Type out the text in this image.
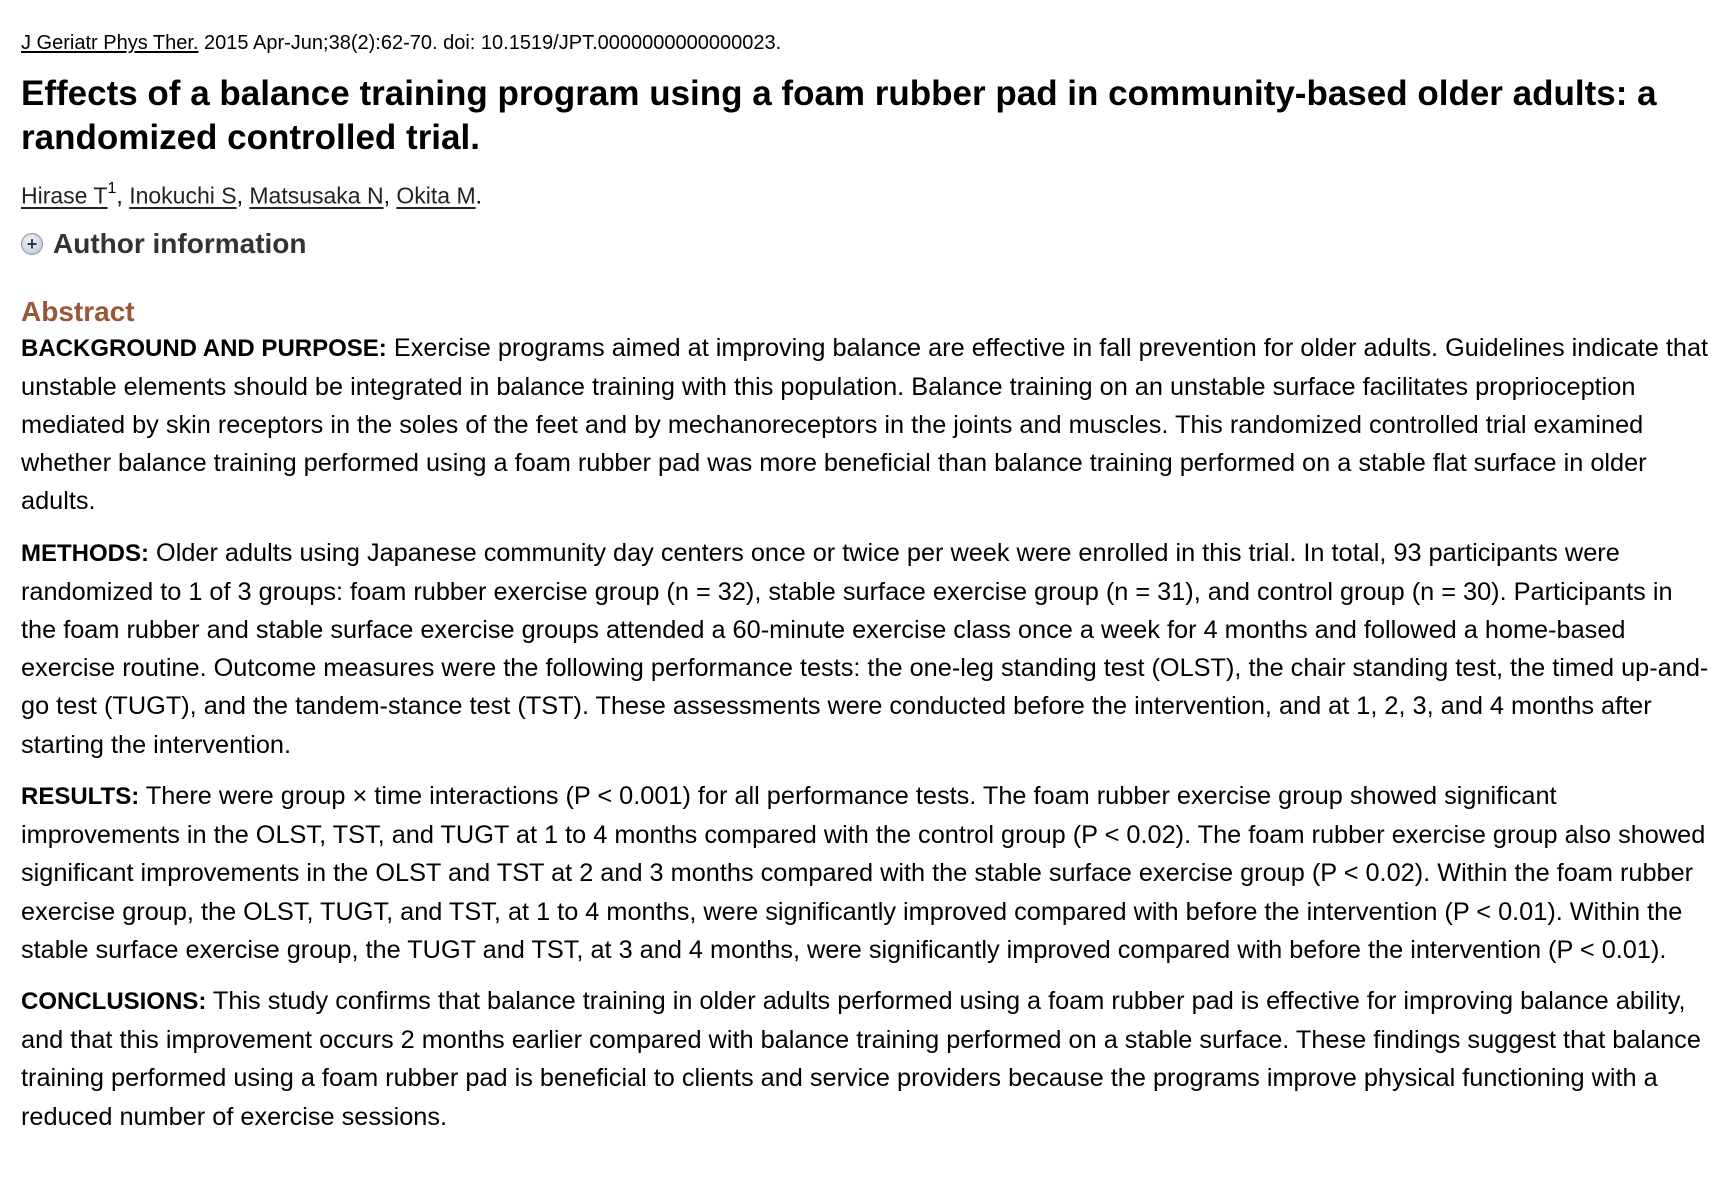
J Geriatr Phys Ther. 2015 Apr-Jun;38(2):62-70. doi: 10.1519/JPT.0000000000000023.

Effects of a balance training program using a foam rubber pad in community-based older adults: a randomized controlled trial.
Hirase $T^1$, Inokuchi S, Matsusaka N, Okita M.
+ Author information
Abstract

BACKGROUND AND PURPOSE: Exercise programs aimed at improving balance are effective in fall prevention for older adults. Guidelines indicate that unstable elements should be integrated in balance training with this population. Balance training on an unstable surface facilitates proprioception mediated by skin receptors in the soles of the feet and by mechanoreceptors in the joints and muscles. This randomized controlled trial examined whether balance training performed using a foam rubber pad was more beneficial than balance training performed on a stable flat surface in older adults.

METHODS: Older adults using Japanese community day centers once or twice per week were enrolled in this trial. In total, 93 participants were randomized to 1 of 3 groups: foam rubber exercise group (n = 32), stable surface exercise group (n = 31), and control group (n = 30). Participants in the foam rubber and stable surface exercise groups attended a 60-minute exercise class once a week for 4 months and followed a home-based exercise routine. Outcome measures were the following performance tests: the one-leg standing test (OLST), the chair standing test, the timed up-and-go test (TUGT), and the tandem-stance test (TST). These assessments were conducted before the intervention, and at 1, 2, 3, and 4 months after starting the intervention.

RESULTS: There were group × time interactions (P < 0.001) for all performance tests. The foam rubber exercise group showed significant improvements in the OLST, TST, and TUGT at 1 to 4 months compared with the control group (P < 0.02). The foam rubber exercise group also showed significant improvements in the OLST and TST at 2 and 3 months compared with the stable surface exercise group (P < 0.02). Within the foam rubber exercise group, the OLST, TUGT, and TST, at 1 to 4 months, were significantly improved compared with before the intervention (P < 0.01). Within the stable surface exercise group, the TUGT and TST, at 3 and 4 months, were significantly improved compared with before the intervention (P < 0.01).

CONCLUSIONS: This study confirms that balance training in older adults performed using a foam rubber pad is effective for improving balance ability, and that this improvement occurs 2 months earlier compared with balance training performed on a stable surface. These findings suggest that balance training performed using a foam rubber pad is beneficial to clients and service providers because the programs improve physical functioning with a reduced number of exercise sessions.
